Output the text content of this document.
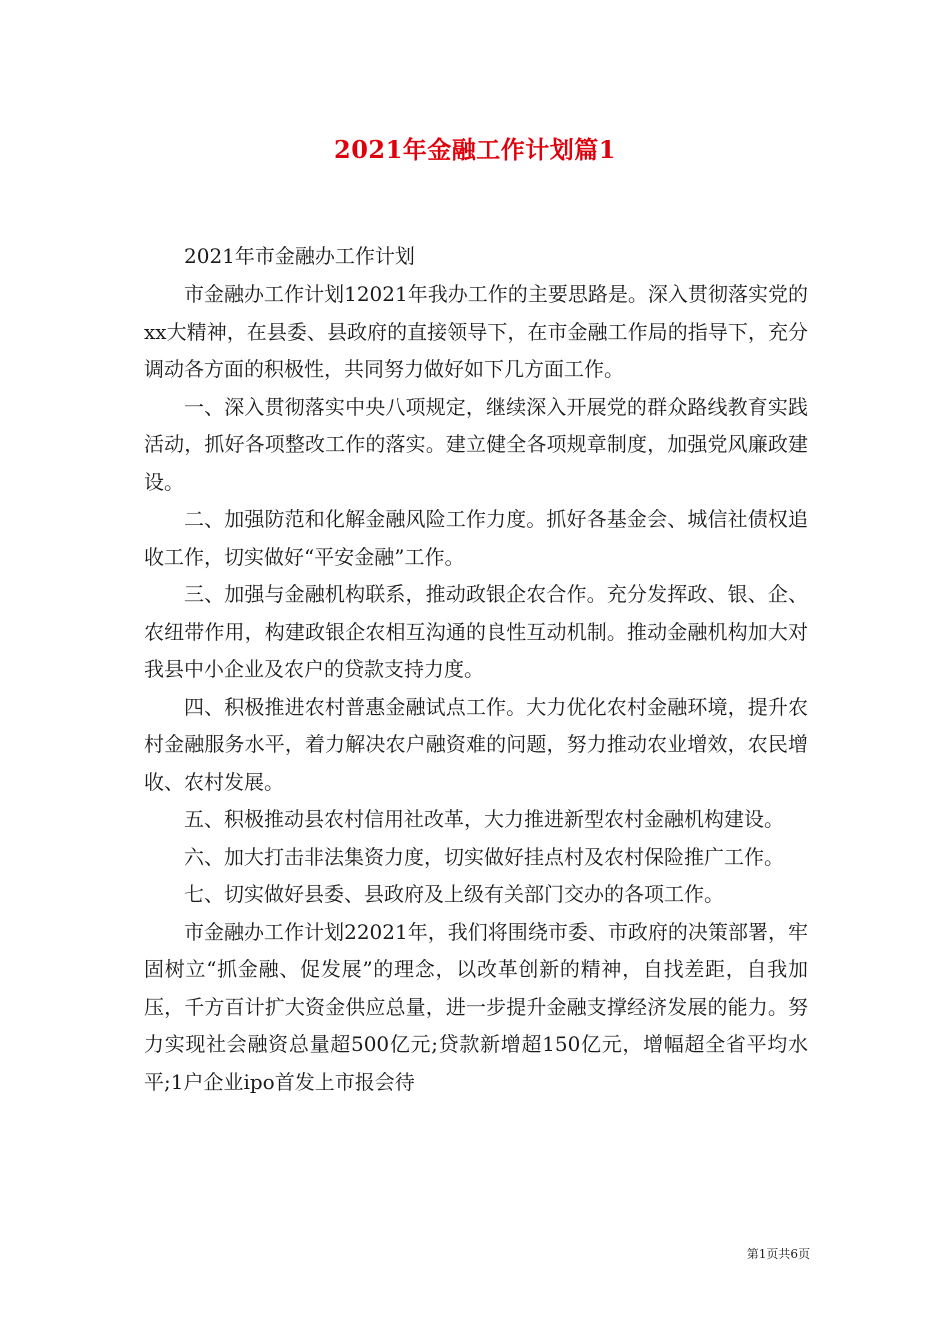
2021年金融工作计划篇1
2021年市金融办工作计划

市金融办工作计划12021年我办工作的主要思路是。深入贯彻落实党的xx大精神，在县委、县政府的直接领导下，在市金融工作局的指导下，充分调动各方面的积极性，共同努力做好如下几方面工作。

一、深入贯彻落实中央八项规定，继续深入开展党的群众路线教育实践活动，抓好各项整改工作的落实。建立健全各项规章制度，加强党风廉政建设。

二、加强防范和化解金融风险工作力度。抓好各基金会、城信社债权追收工作，切实做好“平安金融”工作。

三、加强与金融机构联系，推动政银企农合作。充分发挥政、银、企、农纽带作用，构建政银企农相互沟通的良性互动机制。推动金融机构加大对我县中小企业及农户的贷款支持力度。

四、积极推进农村普惠金融试点工作。大力优化农村金融环境，提升农村金融服务水平，着力解决农户融资难的问题，努力推动农业增效，农民增收、农村发展。

五、积极推动县农村信用社改革，大力推进新型农村金融机构建设。

六、加大打击非法集资力度，切实做好挂点村及农村保险推广工作。

七、切实做好县委、县政府及上级有关部门交办的各项工作。

市金融办工作计划22021年，我们将围绕市委、市政府的决策部署，牢固树立“抓金融、促发展”的理念，以改革创新的精神，自找差距，自我加压，千方百计扩大资金供应总量，进一步提升金融支撑经济发展的能力。努力实现社会融资总量超500亿元;贷款新增超150亿元，增幅超全省平均水平;1户企业ipo首发上市报会待

第1页共6页
